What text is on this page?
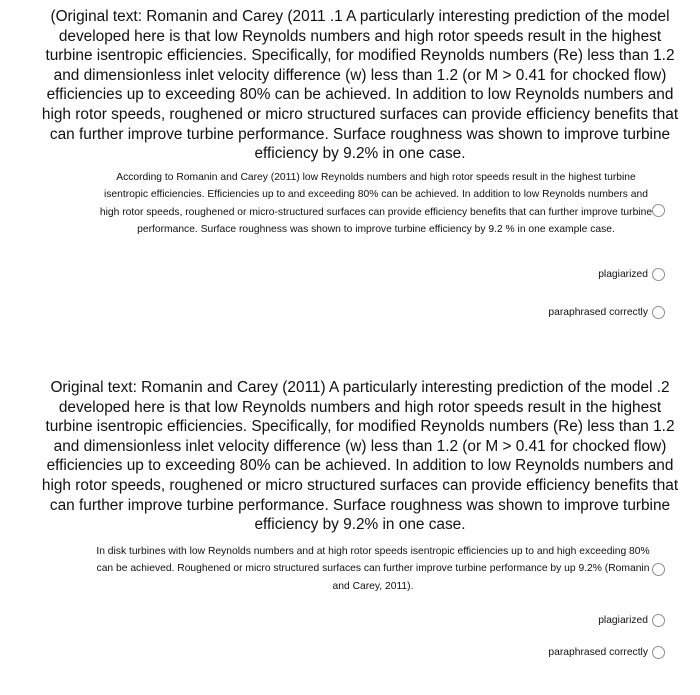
(Original text: Romanin and Carey (2011 .1 A particularly interesting prediction of the model developed here is that low Reynolds numbers and high rotor speeds result in the highest turbine isentropic efficiencies. Specifically, for modified Reynolds numbers (Re) less than 1.2 and dimensionless inlet velocity difference (w) less than 1.2 (or M > 0.41 for chocked flow) efficiencies up to exceeding 80% can be achieved. In addition to low Reynolds numbers and high rotor speeds, roughened or micro structured surfaces can provide efficiency benefits that can further improve turbine performance. Surface roughness was shown to improve turbine efficiency by 9.2% in one case.
According to Romanin and Carey (2011) low Reynolds numbers and high rotor speeds result in the highest turbine isentropic efficiencies. Efficiencies up to and exceeding 80% can be achieved. In addition to low Reynolds numbers and high rotor speeds, roughened or micro-structured surfaces can provide efficiency benefits that can further improve turbine performance. Surface roughness was shown to improve turbine efficiency by 9.2 % in one example case.
plagiarized
paraphrased correctly
Original text: Romanin and Carey (2011) A particularly interesting prediction of the model .2 developed here is that low Reynolds numbers and high rotor speeds result in the highest turbine isentropic efficiencies. Specifically, for modified Reynolds numbers (Re) less than 1.2 and dimensionless inlet velocity difference (w) less than 1.2 (or M > 0.41 for chocked flow) efficiencies up to exceeding 80% can be achieved. In addition to low Reynolds numbers and high rotor speeds, roughened or micro structured surfaces can provide efficiency benefits that can further improve turbine performance. Surface roughness was shown to improve turbine efficiency by 9.2% in one case.
In disk turbines with low Reynolds numbers and at high rotor speeds isentropic efficiencies up to and high exceeding 80% can be achieved. Roughened or micro structured surfaces can further improve turbine performance by up 9.2% (Romanin and Carey, 2011).
plagiarized
paraphrased correctly
